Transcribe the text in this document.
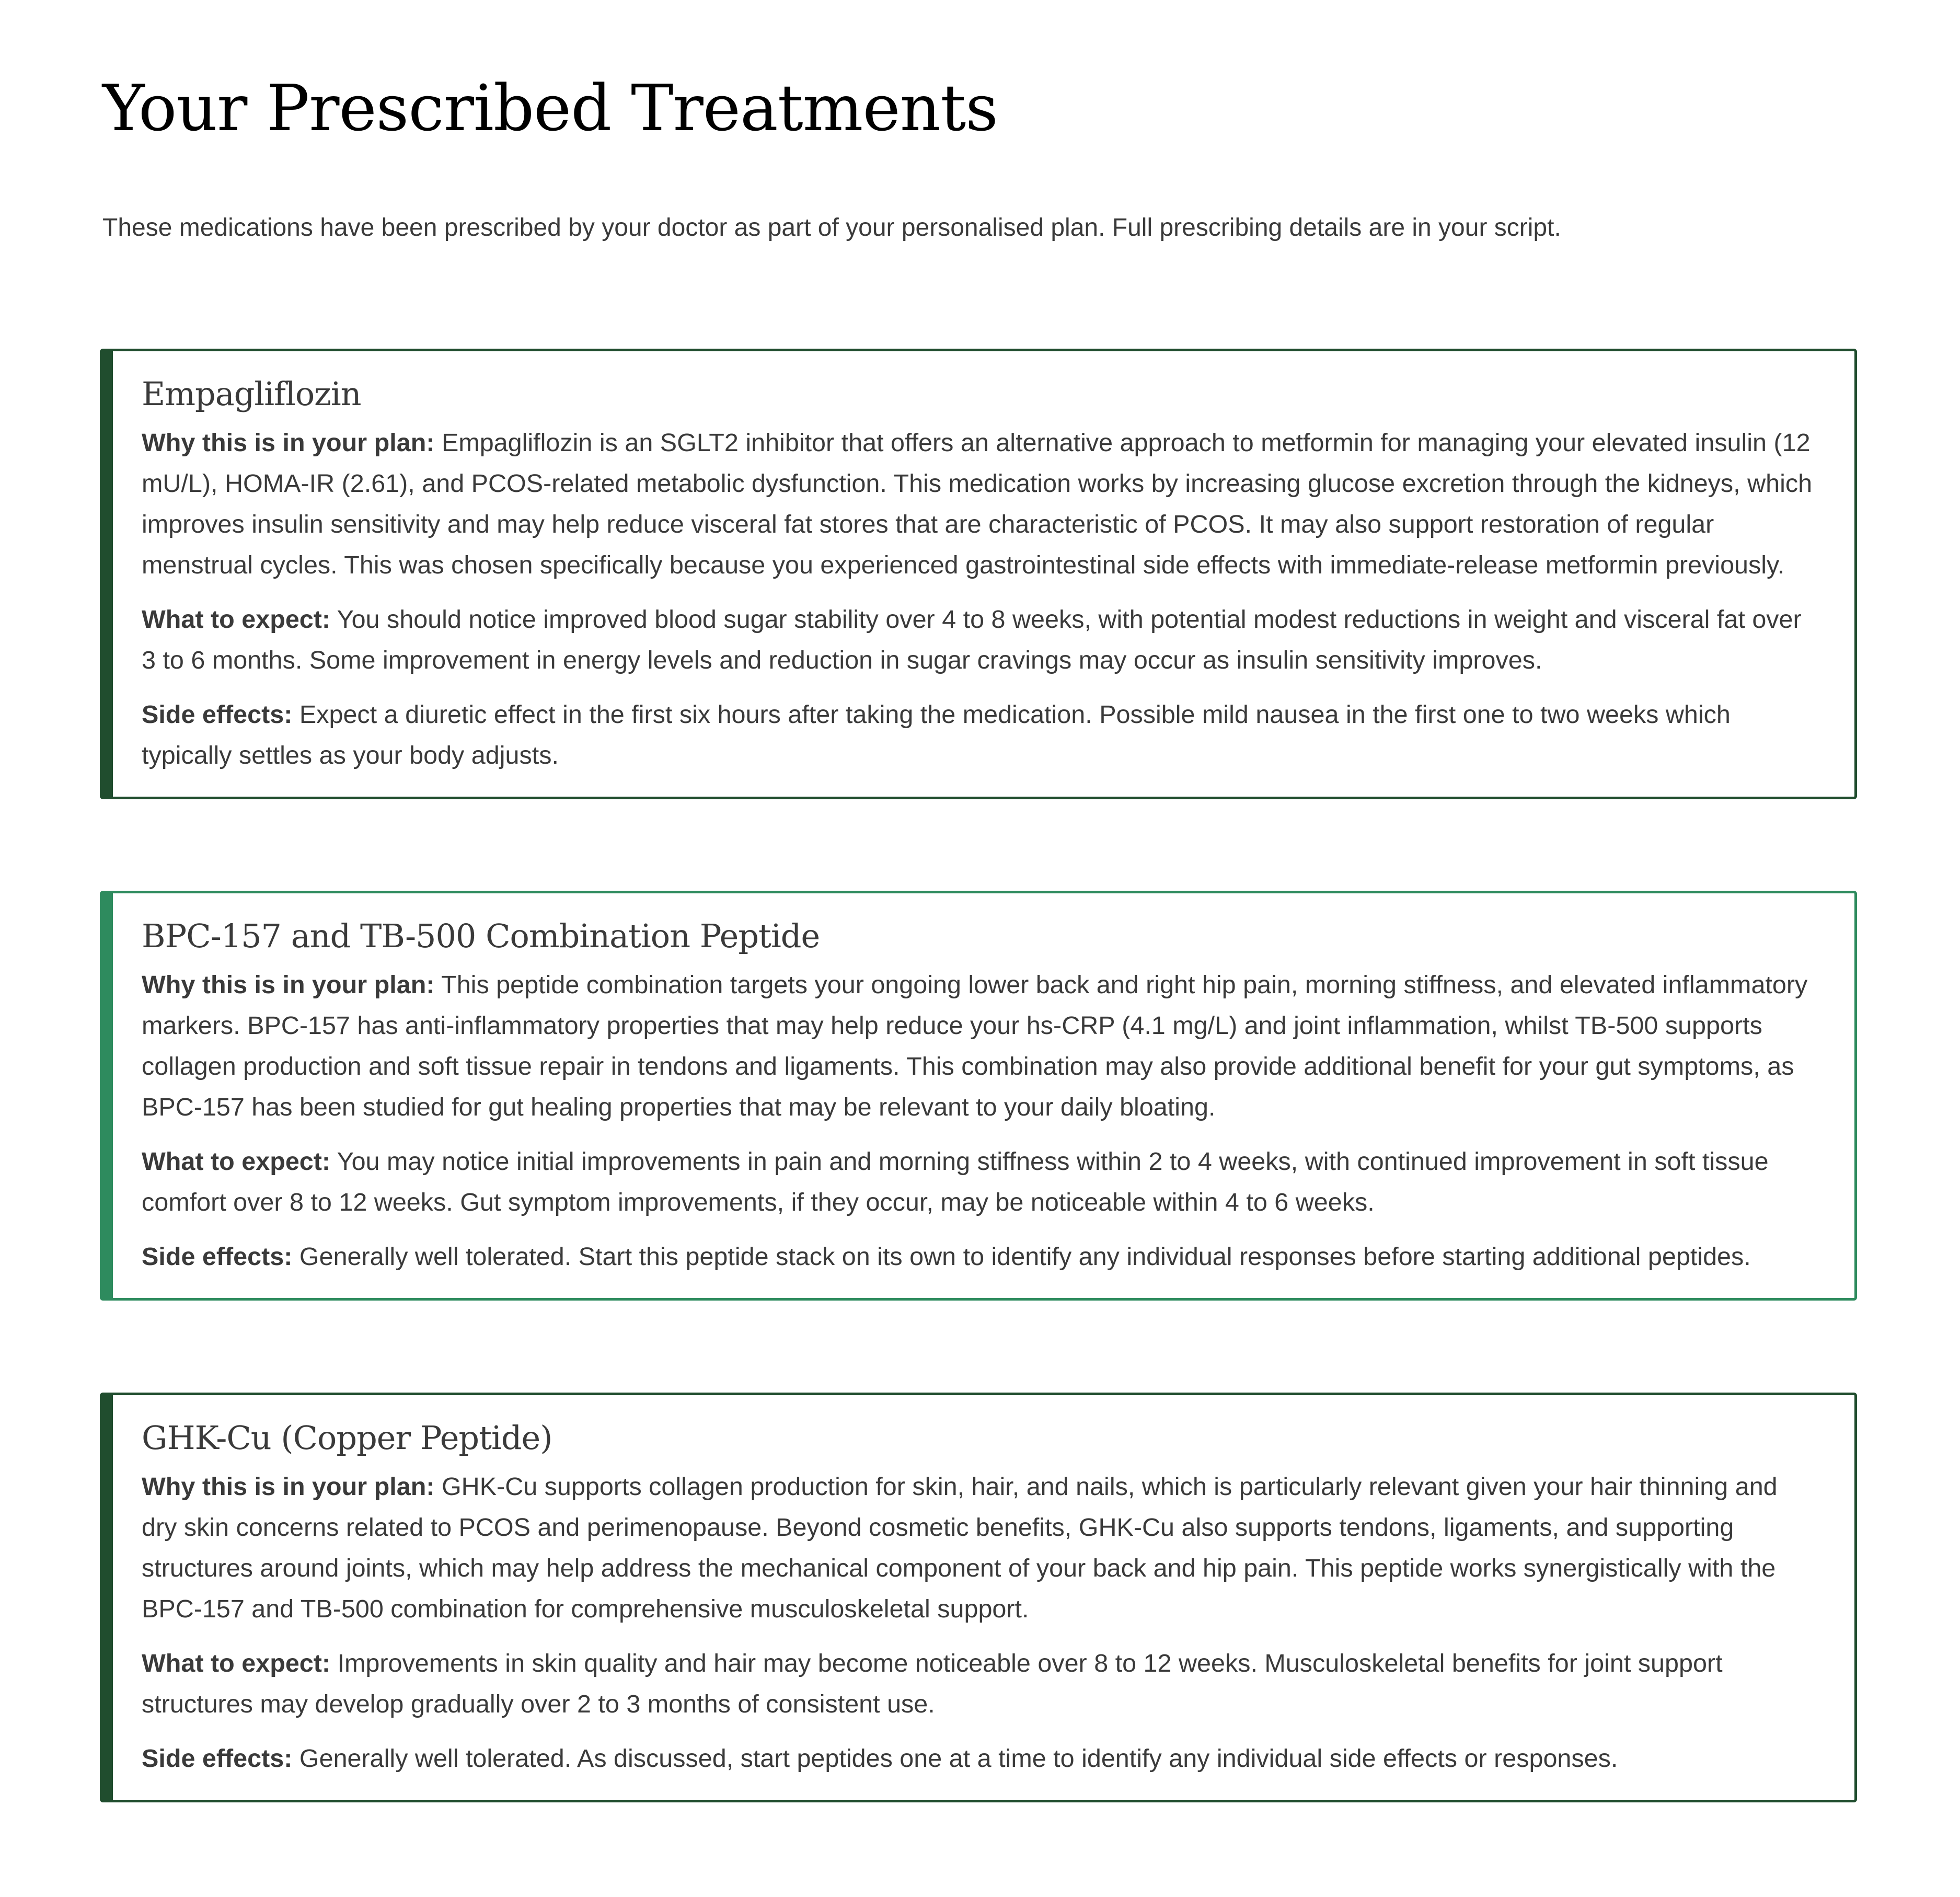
Your Prescribed Treatments

These medications have been prescribed by your doctor as part of your personalised plan. Full prescribing details are in your script.

Empagliflozin

Why this is in your plan: Empagliflozin is an SGLT2 inhibitor that offers an alternative approach to metformin for managing your elevated insulin (12 mU/L), HOMA-IR (2.61), and PCOS-related metabolic dysfunction. This medication works by increasing glucose excretion through the kidneys, which improves insulin sensitivity and may help reduce visceral fat stores that are characteristic of PCOS. It may also support restoration of regular menstrual cycles. This was chosen specifically because you experienced gastrointestinal side effects with immediate-release metformin previously.

What to expect: You should notice improved blood sugar stability over 4 to 8 weeks, with potential modest reductions in weight and visceral fat over 3 to 6 months. Some improvement in energy levels and reduction in sugar cravings may occur as insulin sensitivity improves.

Side effects: Expect a diuretic effect in the first six hours after taking the medication. Possible mild nausea in the first one to two weeks which typically settles as your body adjusts.

BPC-157 and TB-500 Combination Peptide

Why this is in your plan: This peptide combination targets your ongoing lower back and right hip pain, morning stiffness, and elevated inflammatory markers. BPC-157 has anti-inflammatory properties that may help reduce your hs-CRP (4.1 mg/L) and joint inflammation, whilst TB-500 supports collagen production and soft tissue repair in tendons and ligaments. This combination may also provide additional benefit for your gut symptoms, as BPC-157 has been studied for gut healing properties that may be relevant to your daily bloating.

What to expect: You may notice initial improvements in pain and morning stiffness within 2 to 4 weeks, with continued improvement in soft tissue comfort over 8 to 12 weeks. Gut symptom improvements, if they occur, may be noticeable within 4 to 6 weeks.

Side effects: Generally well tolerated. Start this peptide stack on its own to identify any individual responses before starting additional peptides.

GHK-Cu (Copper Peptide)

Why this is in your plan: GHK-Cu supports collagen production for skin, hair, and nails, which is particularly relevant given your hair thinning and dry skin concerns related to PCOS and perimenopause. Beyond cosmetic benefits, GHK-Cu also supports tendons, ligaments, and supporting structures around joints, which may help address the mechanical component of your back and hip pain. This peptide works synergistically with the BPC-157 and TB-500 combination for comprehensive musculoskeletal support.

What to expect: Improvements in skin quality and hair may become noticeable over 8 to 12 weeks. Musculoskeletal benefits for joint support structures may develop gradually over 2 to 3 months of consistent use.

Side effects: Generally well tolerated. As discussed, start peptides one at a time to identify any individual side effects or responses.
